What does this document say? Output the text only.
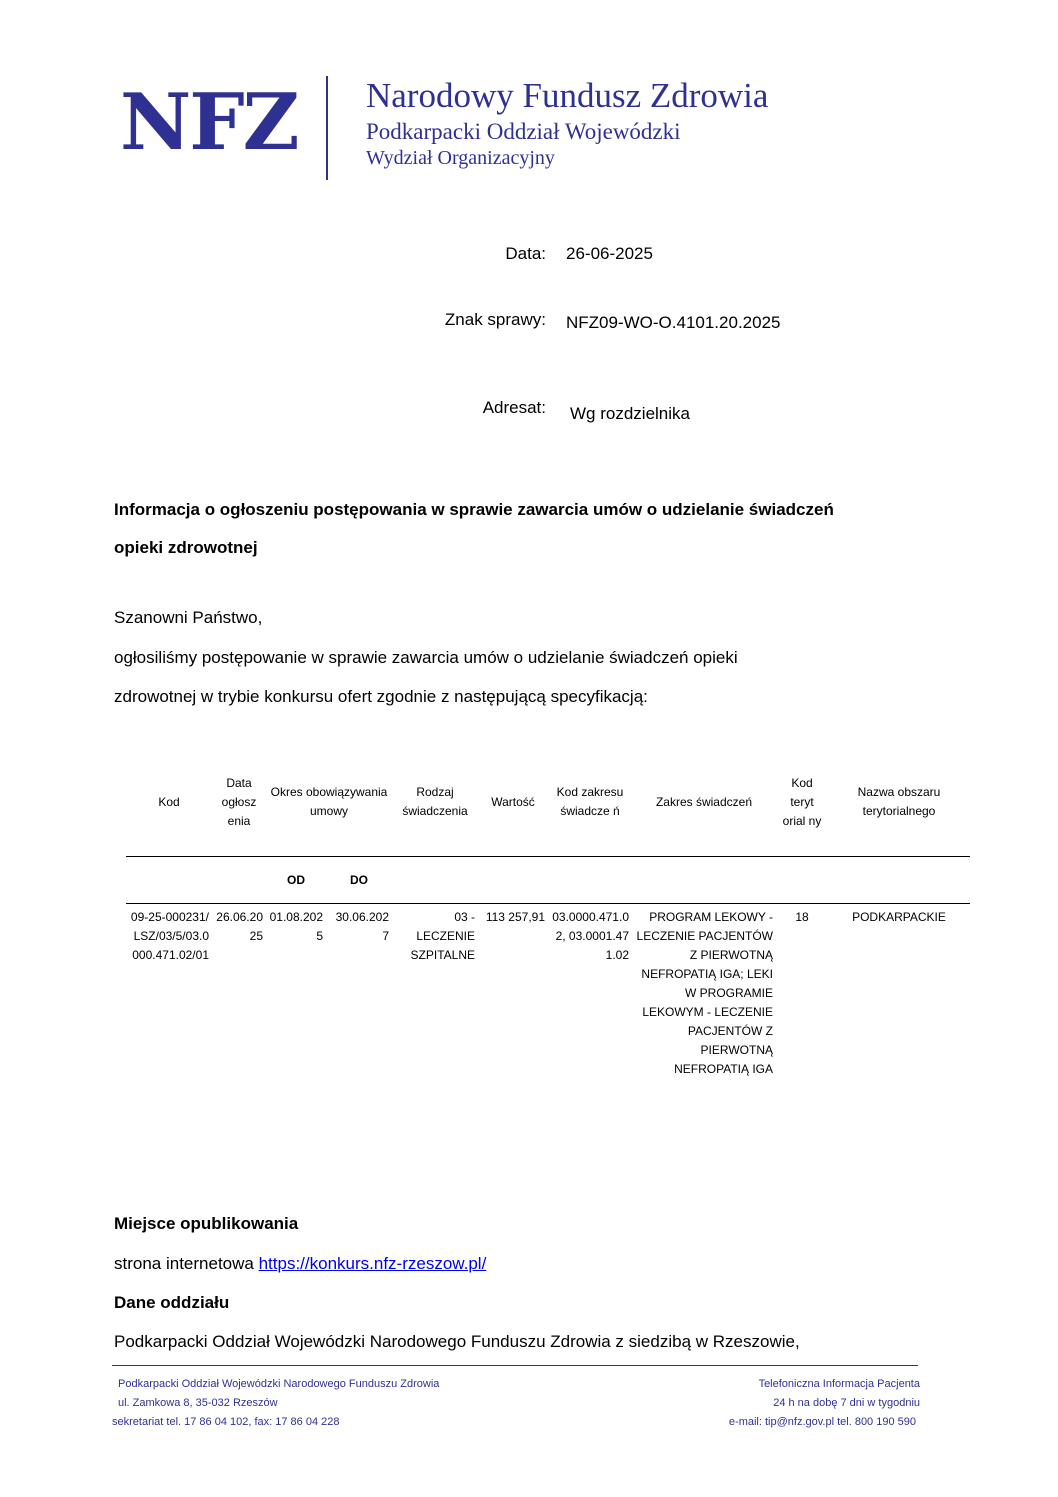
NFZ Narodowy Fundusz Zdrowia
Podkarpacki Oddział Wojewódzki
Wydział Organizacyjny
Data: 26-06-2025
Znak sprawy: NFZ09-WO-O.4101.20.2025
Adresat: Wg rozdzielnika
Informacja o ogłoszeniu postępowania w sprawie zawarcia umów o udzielanie świadczeń
opieki zdrowotnej
Szanowni Państwo,
ogłosiliśmy postępowanie w sprawie zawarcia umów o udzielanie świadczeń opieki
zdrowotnej w trybie konkursu ofert zgodnie z następującą specyfikacją:
Kod	Data ogłosz enia	Okres obowiązywania umowy		Rodzaj świadczenia	Wartość	Kod zakresu świadcze ń	Zakres świadczeń	Kod teryt orial ny	Nazwa obszaru terytorialnego
		OD	DO						
09-25-000231/LSZ/03/5/03.0000.471.02/01	26.06.2025	01.08.2025	30.06.2027	03 - LECZENIE SZPITALNE	113 257,91	03.0000.471.02, 03.0001.471.02	PROGRAM LEKOWY - LECZENIE PACJENTÓW Z PIERWOTNĄ NEFROPATIĄ IGA; LEKI W PROGRAMIE LEKOWYM - LECZENIE PACJENTÓW Z PIERWOTNĄ NEFROPATIĄ IGA	18	PODKARPACKIE
Miejsce opublikowania
strona internetowa https://konkurs.nfz-rzeszow.pl/
Dane oddziału
Podkarpacki Oddział Wojewódzki Narodowego Funduszu Zdrowia z siedzibą w Rzeszowie,
Podkarpacki Oddział Wojewódzki Narodowego Funduszu Zdrowia
ul. Zamkowa 8, 35-032 Rzeszów
sekretariat tel. 17 86 04 102, fax: 17 86 04 228
Telefoniczna Informacja Pacjenta
24 h na dobę 7 dni w tygodniu
e-mail: tip@nfz.gov.pl tel. 800 190 590
